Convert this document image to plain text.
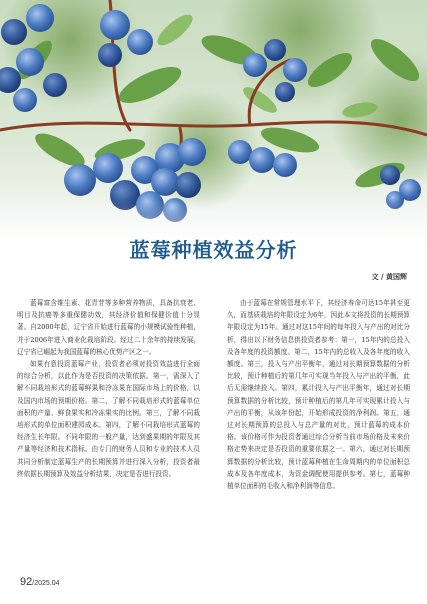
蓝莓种植效益分析
文 / 黄国辉

蓝莓富含维生素、花青苷等多种营养物质，具备抗衰老、明目及抗癌等多重保健功效，其经济价值和保健价值十分显著。自2000年起，辽宁省开始进行蓝莓的小规模试验性种植，并于2006年进入商业化栽培阶段。经过二十余年的持续发展，辽宁省已崛起为我国蓝莓的核心优势产区之一。

如果有意投资蓝莓产业，投资者必须对投资效益进行全面的综合分析，以此作为是否投资的决策依据。第一，需深入了解不同栽培形式的蓝莓鲜果和冷冻果在国际市场上的价格，以及国内市场的预期价格。第二，了解不同栽培形式的蓝莓单位面积的产量、鲜食果实和冷冻果实的比例。第三，了解不同栽培形式的单位面积建园成本。第四，了解不同栽培形式蓝莓的经济生长年限。不同年限的一般产量，达到盛果期的年限及其产量等经济和技术指标。由专门的财务人员和专业的技术人员共同分析制定蓝莓生产的长期预算并进行深入分析，投资者最终依据长期预算及效益分析结果，决定是否进行投资。

由于蓝莓在常规管理水平下，其经济寿命可达15年甚至更久，而基质栽培的年限设定为6年，因此本文将投资的长期预算年限设定为15年。通过对这15年间的每年投入与产出的对比分析，得出以下财务信息供投资者参考：第一，15年内的总投入及各年度的投资额度。第二，15年内的总收入及各年度的收入额度。第三，投入与产出平衡年，通过对长期预算数据的分析比较，预计种植后的第几年可实现当年投入与产出的平衡，此后无需继续投入。第四，累计投入与产出平衡年，通过对长期预算数据的分析比较，预计种植后的第几年可实现累计投入与产出的平衡，从该年份起，开始形成投资的净利润。第五，通过对长期预算的总投入与总产量的对比，预计蓝莓的成本价格。该价格可作为投资者通过综合分析当前市场价格及未来价格走势来决定是否投资的重要依据之一。第六，通过对长期预算数据的分析比较，预计蓝莓种植在生命周期内的单位面积总成本及各年度成本，为资金调配使用提供参考。第七，蓝莓种植单位面积的毛收入和净利润等信息。

92/2025.04
